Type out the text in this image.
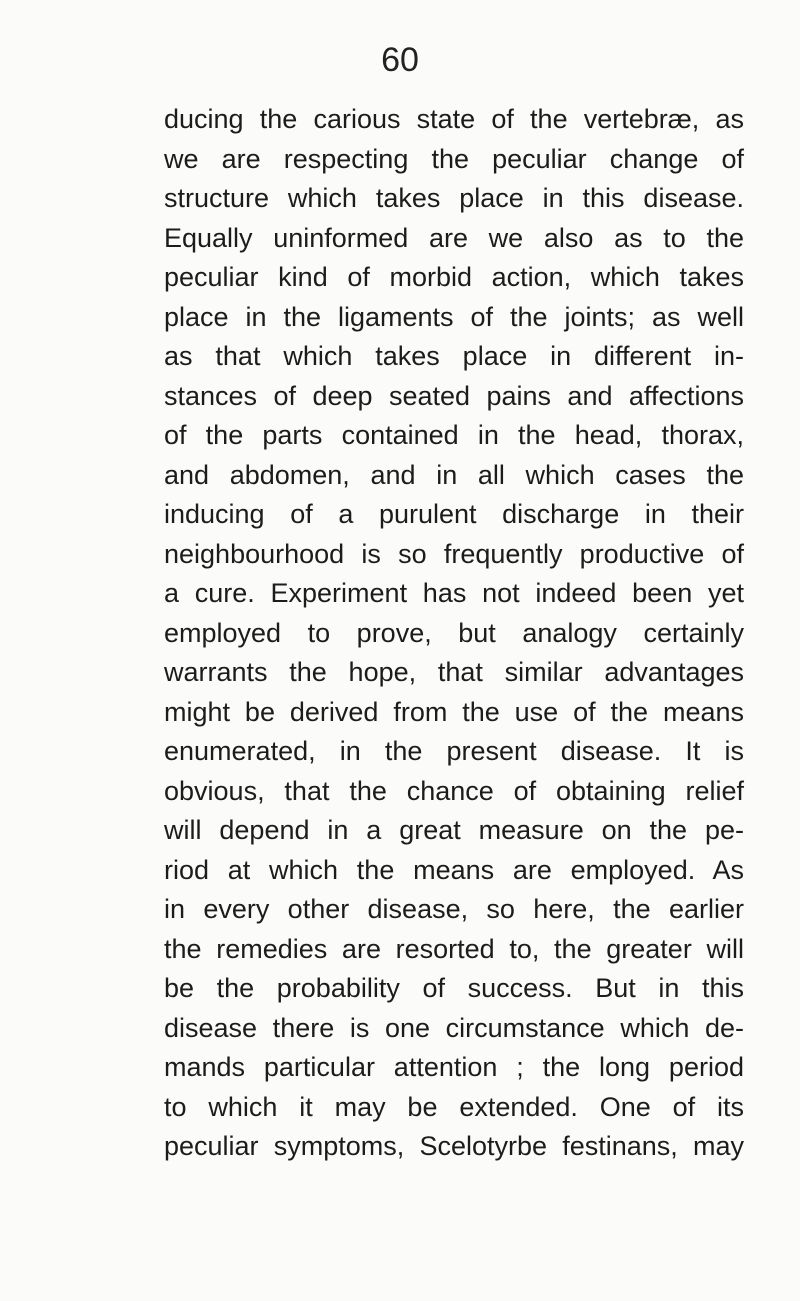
60
ducing the carious state of the vertebræ, as
we are respecting the peculiar change of
structure which takes place in this disease.
Equally uninformed are we also as to the
peculiar kind of morbid action, which takes
place in the ligaments of the joints; as well
as that which takes place in different in-
stances of deep seated pains and affections
of the parts contained in the head, thorax,
and abdomen, and in all which cases the
inducing of a purulent discharge in their
neighbourhood is so frequently productive of
a cure. Experiment has not indeed been yet
employed to prove, but analogy certainly
warrants the hope, that similar advantages
might be derived from the use of the means
enumerated, in the present disease. It is
obvious, that the chance of obtaining relief
will depend in a great measure on the pe-
riod at which the means are employed. As
in every other disease, so here, the earlier
the remedies are resorted to, the greater will
be the probability of success. But in this
disease there is one circumstance which de-
mands particular attention ; the long period
to which it may be extended. One of its
peculiar symptoms, Scelotyrbe festinans, may
